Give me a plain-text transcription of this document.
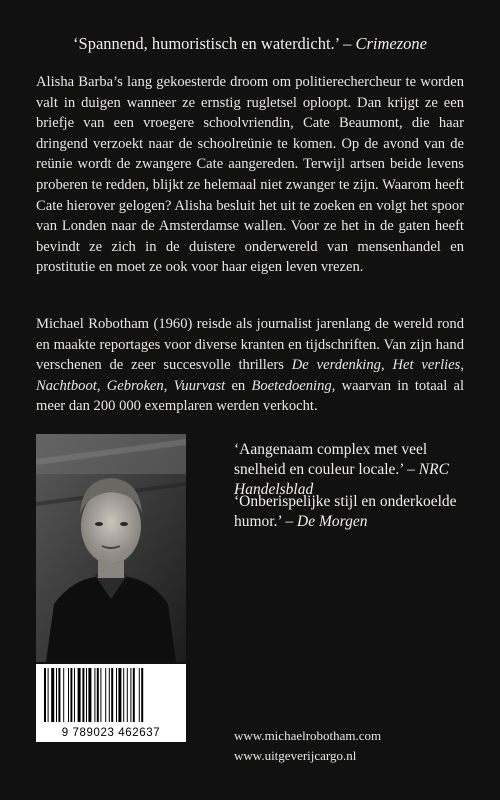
‘Spannend, humoristisch en waterdicht.’ – Crimezone

Alisha Barba’s lang gekoesterde droom om politierechercheur te worden valt in duigen wanneer ze ernstig rugletsel oploopt. Dan krijgt ze een briefje van een vroegere schoolvriendin, Cate Beaumont, die haar dringend verzoekt naar de schoolreünie te komen. Op de avond van de reünie wordt de zwangere Cate aangereden. Terwijl artsen beide levens proberen te redden, blijkt ze helemaal niet zwanger te zijn. Waarom heeft Cate hierover gelogen? Alisha besluit het uit te zoeken en volgt het spoor van Londen naar de Amsterdamse wallen. Voor ze het in de gaten heeft bevindt ze zich in de duistere onderwereld van mensenhandel en prostitutie en moet ze ook voor haar eigen leven vrezen.

Michael Robotham (1960) reisde als journalist jarenlang de wereld rond en maakte reportages voor diverse kranten en tijdschriften. Van zijn hand verschenen de zeer succesvolle thrillers De verdenking, Het verlies, Nachtboot, Gebroken, Vuurvast en Boetedoening, waarvan in totaal al meer dan 200 000 exemplaren werden verkocht.

9 789023 462637
‘Aangenaam complex met veel snelheid en couleur locale.’ – NRC Handelsblad
‘Onberispelijke stijl en onderkoelde humor.’ – De Morgen
www.michaelrobotham.com
www.uitgeverijcargo.nl
